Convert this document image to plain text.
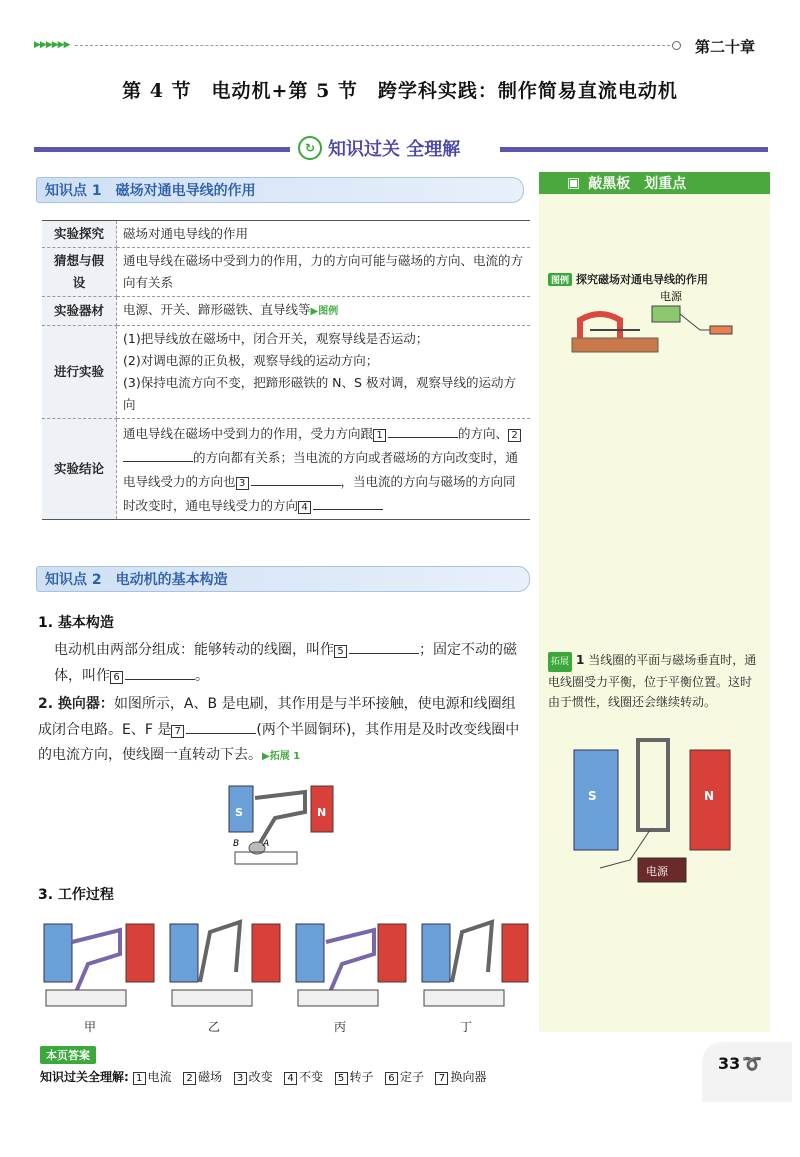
▶▶▶▶▶▶	第二十章
第 4 节　电动机+第 5 节　跨学科实践：制作简易直流电动机
↻ 知识过关 全理解
知识点 1 磁场对通电导线的作用
实验探究	磁场对通电导线的作用
猜想与假设	通电导线在磁场中受到力的作用，力的方向可能与磁场的方向、电流的方向有关系
实验器材	电源、开关、蹄形磁铁、直导线等▶图例
进行实验	(1)把导线放在磁场中，闭合开关，观察导线是否运动；
(2)对调电源的正负极，观察导线的运动方向；
(3)保持电流方向不变，把蹄形磁铁的 N、S 极对调，观察导线的运动方向

实验结论	通电导线在磁场中受到力的作用，受力方向跟 1 的方向、 2的方向都有关系；当电流的方向或者磁场的方向改变时，通电导线受力的方向也 3 ，当电流的方向与磁场的方向同时改变时，通电导线受力的方向 4
知识点 2 电动机的基本构造
1. 基本构造
电动机由两部分组成：能够转动的线圈，叫作 5	；固定不动的磁体，叫作 6	。
2. 换向器：如图所示，A、B 是电刷，其作用是与半环接触，使电源和线圈组成闭合电路。E、F 是 7	(两个半圆铜环)，其作用是及时改变线圈中的电流方向，使线圈一直转动下去。▶拓展 1
S	N
B	A
3. 工作过程
甲	乙	丙	丁
▣ 敲黑板　划重点
图例 探究磁场对通电导线的作用
电源
拓展 1 当线圈的平面与磁场垂直时，通电线圈受力平衡，位于平衡位置。这时由于惯性，线圈还会继续转动。
S	N
电源
本页答案
知识过关全理解: 1 电流 2 磁场 3 改变 4 不变 5 转子 6 定子 7 换向器
33 ➰
